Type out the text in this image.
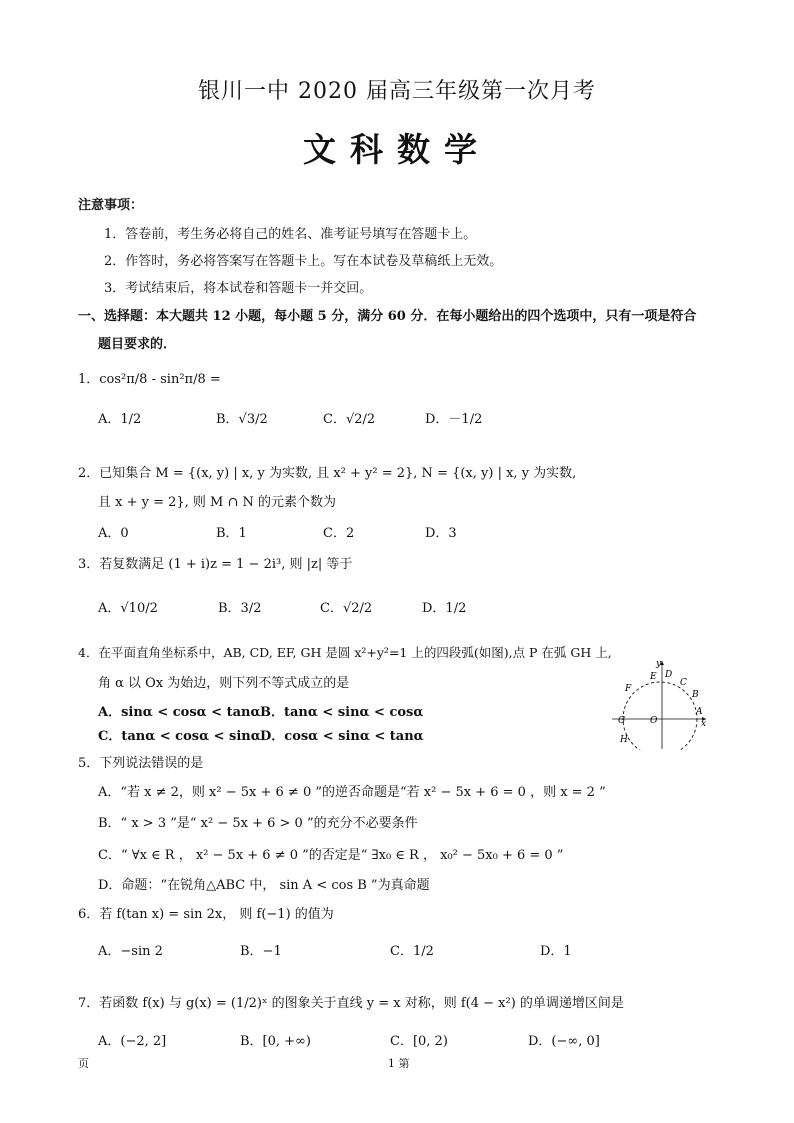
银川一中 2020 届高三年级第一次月考
文科数学
注意事项：
1．答卷前，考生务必将自己的姓名、准考证号填写在答题卡上。
2．作答时，务必将答案写在答题卡上。写在本试卷及草稿纸上无效。
3．考试结束后，将本试卷和答题卡一并交回。
一、选择题：本大题共 12 小题，每小题 5 分，满分 60 分．在每小题给出的四个选项中，只有一项是符合
题目要求的．
1．cos²π/8 - sin²π/8 =
A．1/2	B．√3/2	C．√2/2	D．－1/2
2．已知集合 M = {(x, y) | x, y 为实数, 且 x² + y² = 2}, N = {(x, y) | x, y 为实数,
且 x + y = 2}, 则 M ∩ N 的元素个数为
A．0	B．1	C．2	D．3
3．若复数满足 (1 + i)z = 1 − 2i³, 则 |z| 等于
A．√10/2	B．3/2	C．√2/2	D．1/2
4．在平面直角坐标系中，AB, CD, EF, GH 是圆 x²+y²=1 上的四段弧(如图),点 P 在弧 GH 上,
角 α 以 Ox 为始边，则下列不等式成立的是
A．sinα < cosα < tanα B．tanα < sinα < cosα
C．tanα < cosα < sinα D．cosα < sinα < tanα
y
E D
C
B
A
F
G	O	x
H
5．下列说法错误的是
A．“若 x ≠ 2，则 x² − 5x + 6 ≠ 0 ”的逆否命题是“若 x² − 5x + 6 = 0 ，则 x = 2 ”
B．“ x > 3 ”是“ x² − 5x + 6 > 0 ”的充分不必要条件
C．“ ∀x ∈ R ， x² − 5x + 6 ≠ 0 ”的否定是“ ∃x₀ ∈ R ， x₀² − 5x₀ + 6 = 0 ”
D．命题：“在锐角△ABC 中， sin A < cos B ”为真命题
6．若 f(tan x) = sin 2x， 则 f(−1) 的值为
A．−sin 2	B．−1	C．1/2	D．1
7．若函数 f(x) 与 g(x) = (1/2)ˣ 的图象关于直线 y = x 对称，则 f(4 − x²) 的单调递增区间是
A．(−2, 2]	B．[0, +∞)	C．[0, 2)	D．(−∞, 0]
页	1 第
